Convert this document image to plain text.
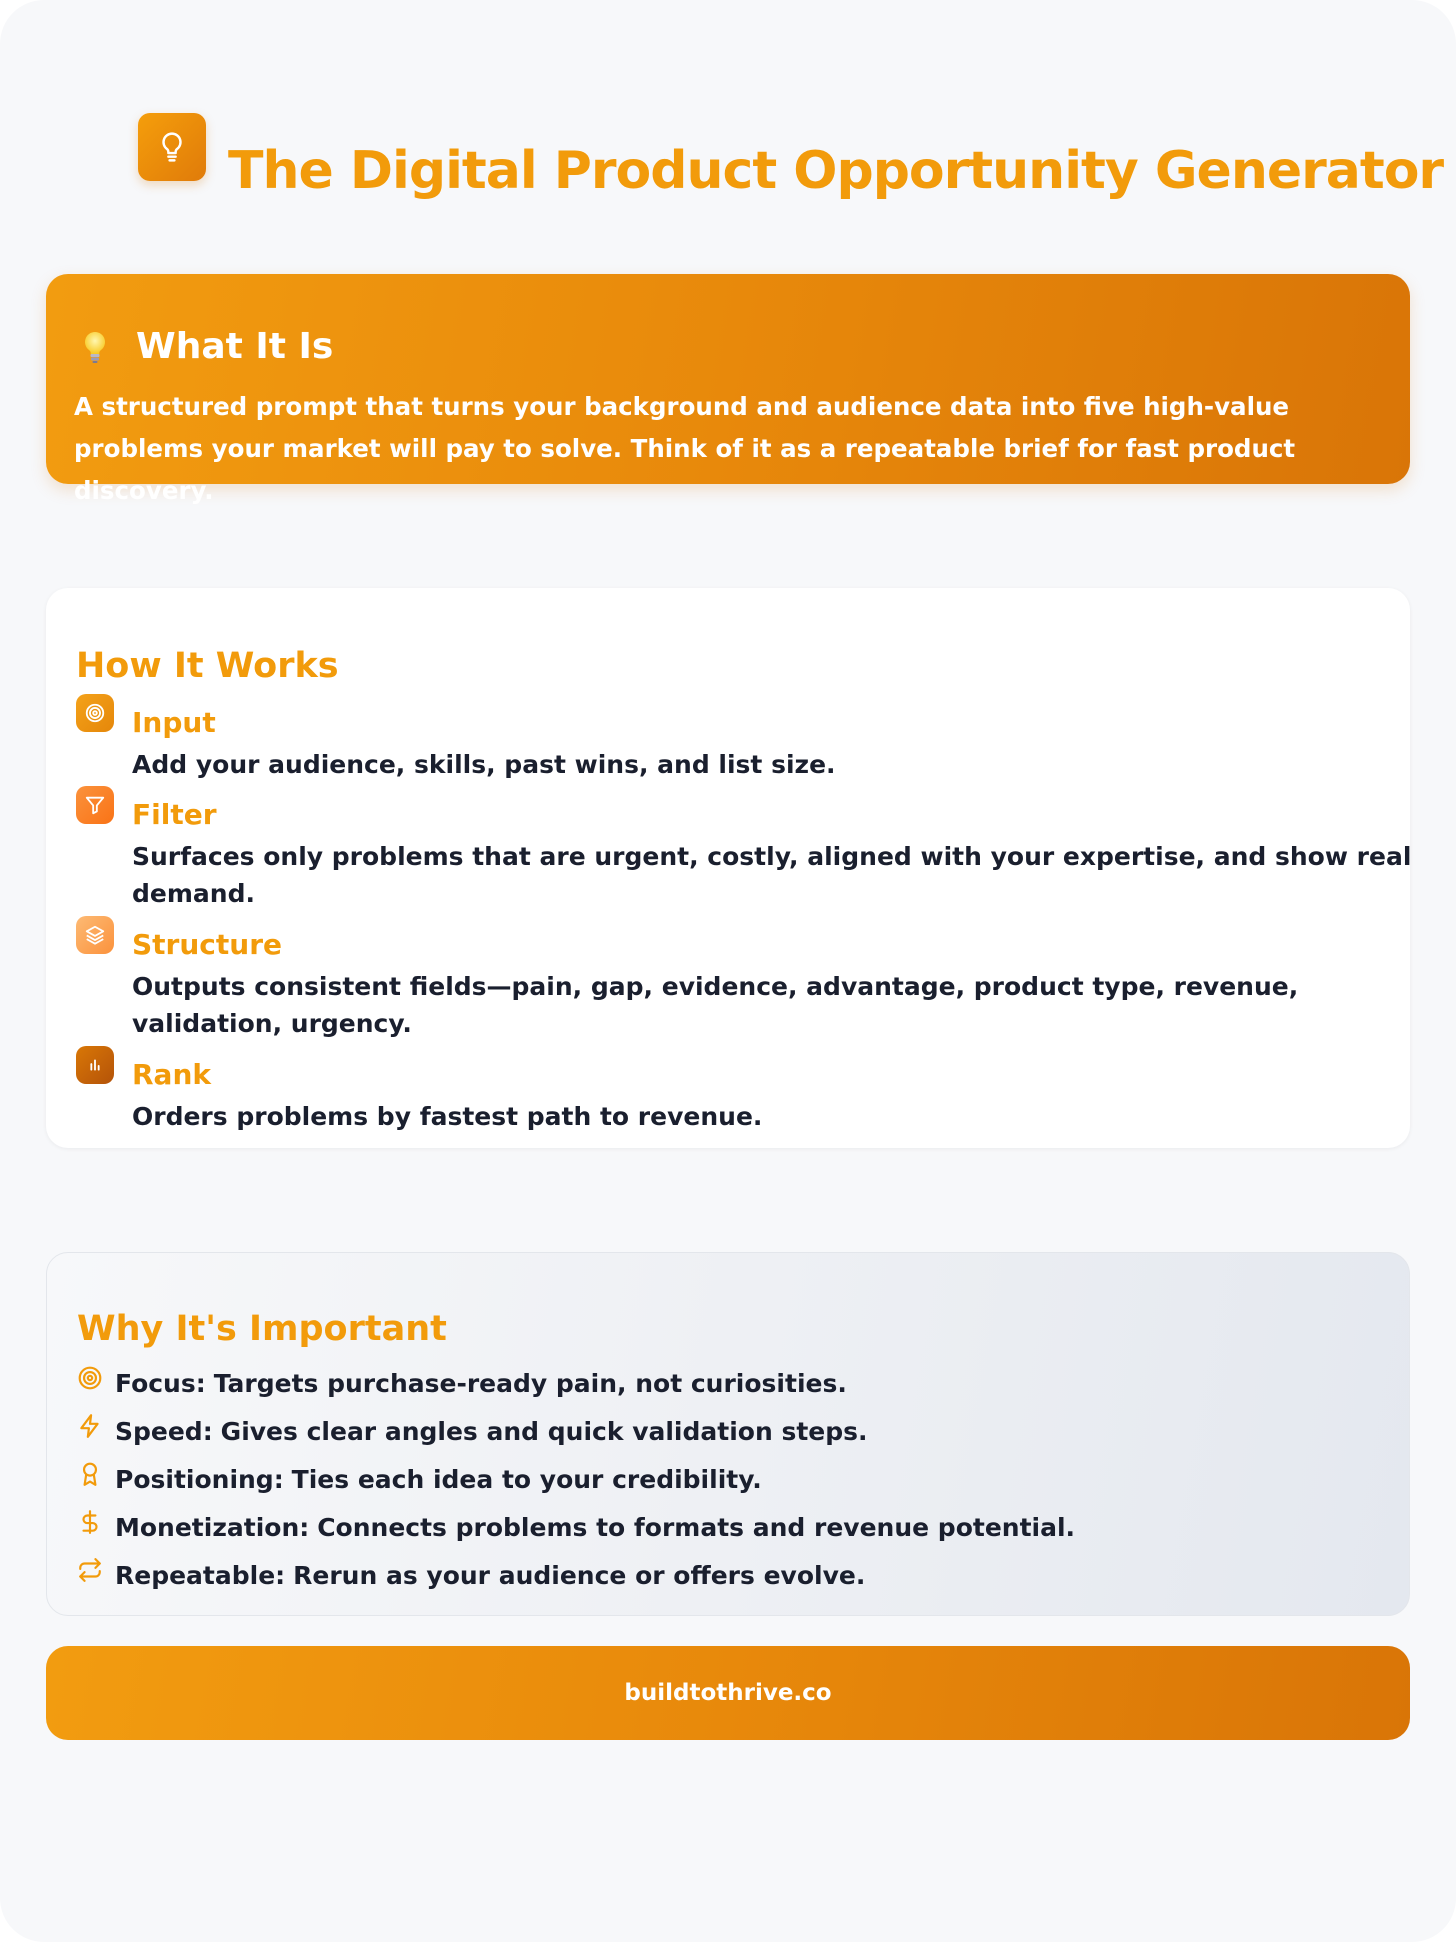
The Digital Product Opportunity Generator
What It Is

A structured prompt that turns your background and audience data into five high-value problems your market will pay to solve. Think of it as a repeatable brief for fast product discovery.

How It Works
Input

Add your audience, skills, past wins, and list size.

Filter

Surfaces only problems that are urgent, costly, aligned with your expertise, and show real demand.

Structure

Outputs consistent fields—pain, gap, evidence, advantage, product type, revenue, validation, urgency.

Rank

Orders problems by fastest path to revenue.

Why It's Important

Focus: Targets purchase-ready pain, not curiosities.

Speed: Gives clear angles and quick validation steps.

Positioning: Ties each idea to your credibility.

Monetization: Connects problems to formats and revenue potential.

Repeatable: Rerun as your audience or offers evolve.

buildtothrive.co
